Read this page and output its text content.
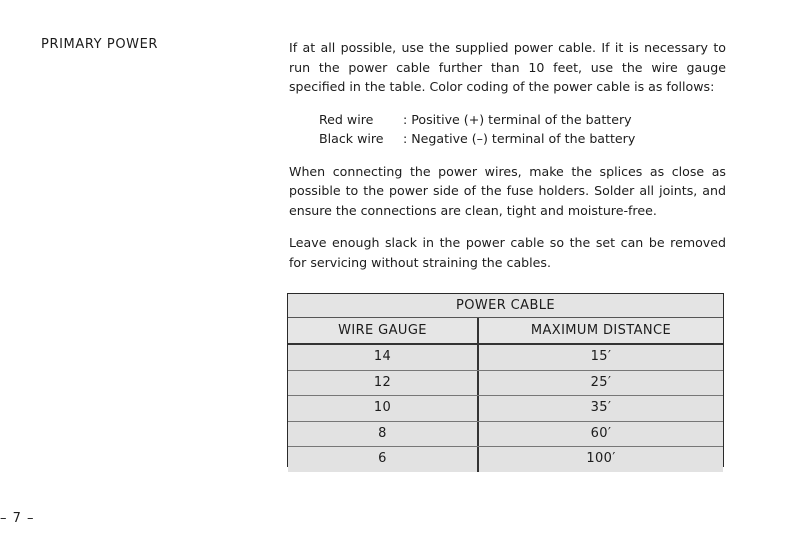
PRIMARY POWER	If at all possible, use the supplied power cable. If it is necessary to run the power cable further than 10 feet, use the wire gauge specified in the table. Color coding of the power cable is as follows:

Red wire	: Positive (+) terminal of the battery
Black wire	: Negative (–) terminal of the battery

When connecting the power wires, make the splices as close as possible to the power side of the fuse holders. Solder all joints, and ensure the connections are clean, tight and moisture-free.

Leave enough slack in the power cable so the set can be removed for servicing without straining the cables.

POWER CABLE
WIRE GAUGE	MAXIMUM DISTANCE
14	15′
12	25′
10	35′
8	60′
6	100′
– 7 –
